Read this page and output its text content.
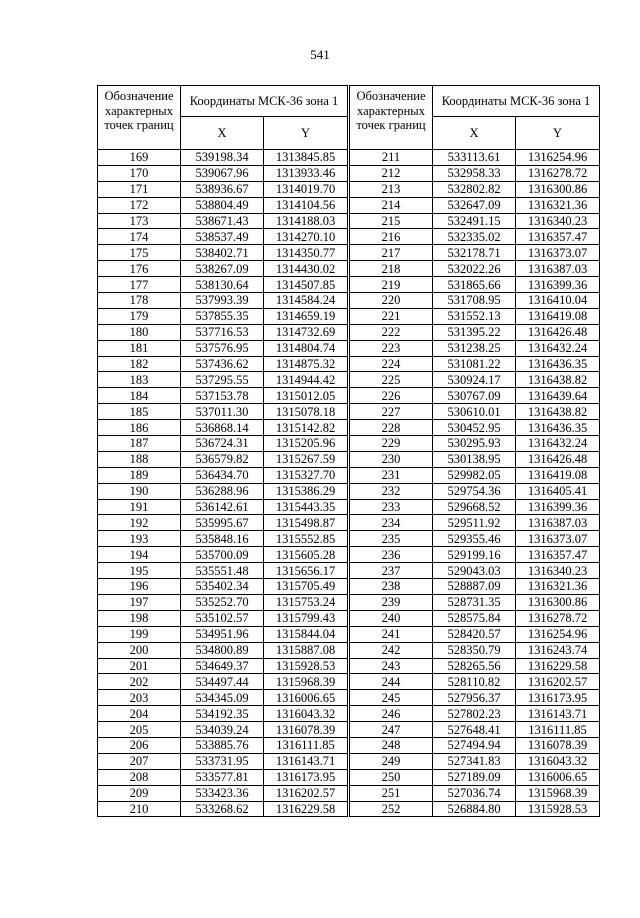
541
Обозначение характерных точек границ	Координаты МСК-36 зона 1	
	X	Y
169	539198.34	1313845.85
170	539067.96	1313933.46
171	538936.67	1314019.70
172	538804.49	1314104.56
173	538671.43	1314188.03
174	538537.49	1314270.10
175	538402.71	1314350.77
176	538267.09	1314430.02
177	538130.64	1314507.85
178	537993.39	1314584.24
179	537855.35	1314659.19
180	537716.53	1314732.69
181	537576.95	1314804.74
182	537436.62	1314875.32
183	537295.55	1314944.42
184	537153.78	1315012.05
185	537011.30	1315078.18
186	536868.14	1315142.82
187	536724.31	1315205.96
188	536579.82	1315267.59
189	536434.70	1315327.70
190	536288.96	1315386.29
191	536142.61	1315443.35
192	535995.67	1315498.87
193	535848.16	1315552.85
194	535700.09	1315605.28
195	535551.48	1315656.17
196	535402.34	1315705.49
197	535252.70	1315753.24
198	535102.57	1315799.43
199	534951.96	1315844.04
200	534800.89	1315887.08
201	534649.37	1315928.53
202	534497.44	1315968.39
203	534345.09	1316006.65
204	534192.35	1316043.32
205	534039.24	1316078.39
206	533885.76	1316111.85
207	533731.95	1316143.71
208	533577.81	1316173.95
209	533423.36	1316202.57
210	533268.62	1316229.58
Обозначение характерных точек границ	Координаты МСК-36 зона 1	
	X	Y
211	533113.61	1316254.96
212	532958.33	1316278.72
213	532802.82	1316300.86
214	532647.09	1316321.36
215	532491.15	1316340.23
216	532335.02	1316357.47
217	532178.71	1316373.07
218	532022.26	1316387.03
219	531865.66	1316399.36
220	531708.95	1316410.04
221	531552.13	1316419.08
222	531395.22	1316426.48
223	531238.25	1316432.24
224	531081.22	1316436.35
225	530924.17	1316438.82
226	530767.09	1316439.64
227	530610.01	1316438.82
228	530452.95	1316436.35
229	530295.93	1316432.24
230	530138.95	1316426.48
231	529982.05	1316419.08
232	529754.36	1316405.41
233	529668.52	1316399.36
234	529511.92	1316387.03
235	529355.46	1316373.07
236	529199.16	1316357.47
237	529043.03	1316340.23
238	528887.09	1316321.36
239	528731.35	1316300.86
240	528575.84	1316278.72
241	528420.57	1316254.96
242	528350.79	1316243.74
243	528265.56	1316229.58
244	528110.82	1316202.57
245	527956.37	1316173.95
246	527802.23	1316143.71
247	527648.41	1316111.85
248	527494.94	1316078.39
249	527341.83	1316043.32
250	527189.09	1316006.65
251	527036.74	1315968.39
252	526884.80	1315928.53
